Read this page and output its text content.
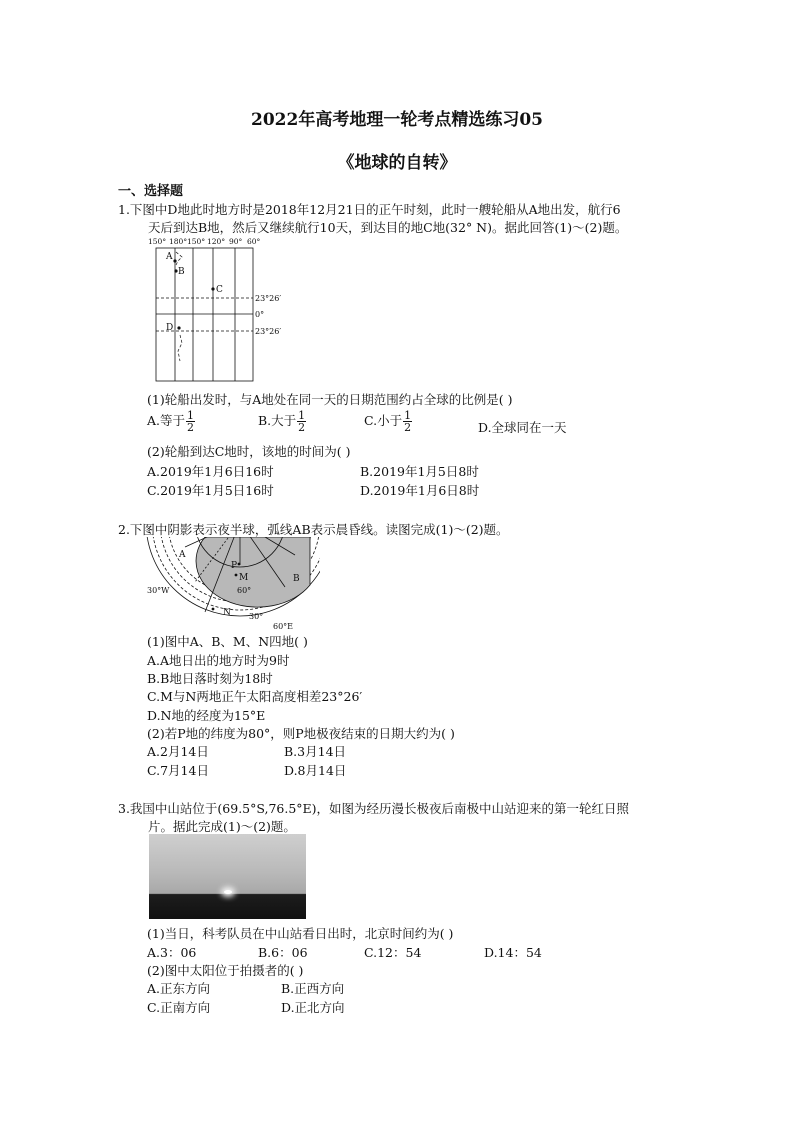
2022年高考地理一轮考点精选练习05
《地球的自转》
一、选择题
1.下图中D地此时地方时是2018年12月21日的正午时刻，此时一艘轮船从A地出发，航行6
天后到达B地，然后又继续航行10天，到达目的地C地(32° N)。据此回答(1)～(2)题。
150° 180° 150° 120° 90° 60°
23°26′
0°
23°26′
A
B
C
D
(1)轮船出发时，与A地处在同一天的日期范围约占全球的比例是( )
A.等于 $\frac{1}{2}$	B.大于 $\frac{1}{2}$	C.小于 $\frac{1}{2}$	D.全球同在一天
(2)轮船到达C地时，该地的时间为( )
A.2019年1月6日16时	B.2019年1月5日8时
C.2019年1月5日16时	D.2019年1月6日8时
2.下图中阴影表示夜半球，弧线AB表示晨昏线。读图完成(1)～(2)题。
A
B
P
M
N
60°
30°
30°W
60°E
(1)图中A、B、M、N四地( )
A.A地日出的地方时为9时
B.B地日落时刻为18时
C.M与N两地正午太阳高度相差23°26′
D.N地的经度为15°E
(2)若P地的纬度为80°，则P地极夜结束的日期大约为( )
A.2月14日	B.3月14日
C.7月14日	D.8月14日
3.我国中山站位于(69.5°S,76.5°E)，如图为经历漫长极夜后南极中山站迎来的第一轮红日照
片。据此完成(1)～(2)题。
(1)当日，科考队员在中山站看日出时，北京时间约为( )
A.3：06	B.6：06	C.12：54	D.14：54
(2)图中太阳位于拍摄者的( )
A.正东方向	B.正西方向
C.正南方向	D.正北方向
